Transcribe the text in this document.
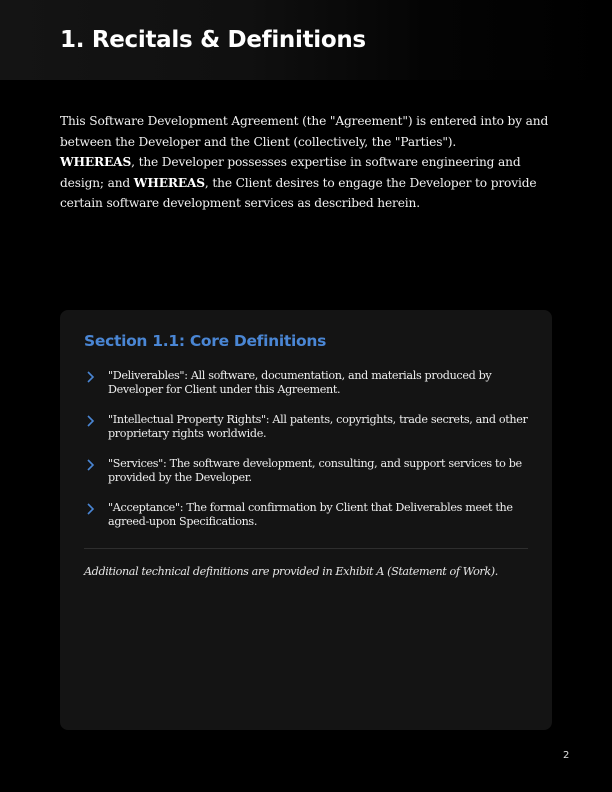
1. Recitals & Definitions
This Software Development Agreement (the "Agreement") is entered into by and between the Developer and the Client (collectively, the "Parties").
WHEREAS, the Developer possesses expertise in software engineering and design; and WHEREAS, the Client desires to engage the Developer to provide certain software development services as described herein.
Section 1.1: Core Definitions
"Deliverables": All software, documentation, and materials produced by Developer for Client under this Agreement.
"Intellectual Property Rights": All patents, copyrights, trade secrets, and other proprietary rights worldwide.
"Services": The software development, consulting, and support services to be provided by the Developer.
"Acceptance": The formal confirmation by Client that Deliverables meet the agreed-upon Specifications.

Additional technical definitions are provided in Exhibit A (Statement of Work).

2
